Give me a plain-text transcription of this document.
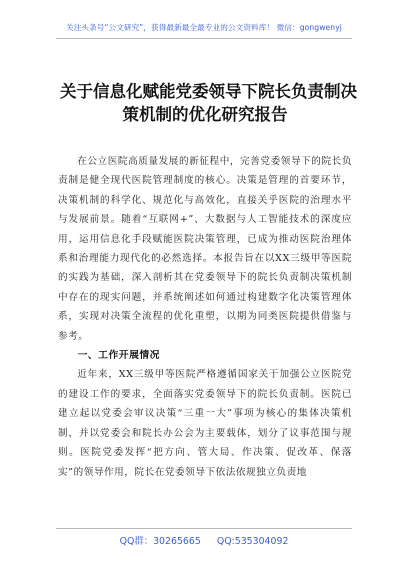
关注头条号“公文研究”，获得最新最全最专业的公文资料库！ 微信：gongwenyj
关于信息化赋能党委领导下院长负责制决
策机制的优化研究报告

在公立医院高质量发展的新征程中，完善党委领导下的院长负责制是健全现代医院管理制度的核心。决策是管理的首要环节，决策机制的科学化、规范化与高效化，直接关乎医院的治理水平与发展前景。随着“互联网+”、大数据与人工智能技术的深度应用，运用信息化手段赋能医院决策管理，已成为推动医院治理体系和治理能力现代化的必然选择。本报告旨在以XX三级甲等医院的实践为基础，深入剖析其在党委领导下的院长负责制决策机制中存在的现实问题，并系统阐述如何通过构建数字化决策管理体系，实现对决策全流程的优化重塑，以期为同类医院提供借鉴与参考。

一、工作开展情况

近年来，XX三级甲等医院严格遵循国家关于加强公立医院党的建设工作的要求，全面落实党委领导下的院长负责制。医院已建立起以党委会审议决策“三重一大”事项为核心的集体决策机制，并以党委会和院长办公会为主要载体，划分了议事范围与规则。医院党委发挥“把方向、管大局、作决策、促改革、保落实”的领导作用，院长在党委领导下依法依规独立负责地

QQ群：30265665 QQ:535304092
